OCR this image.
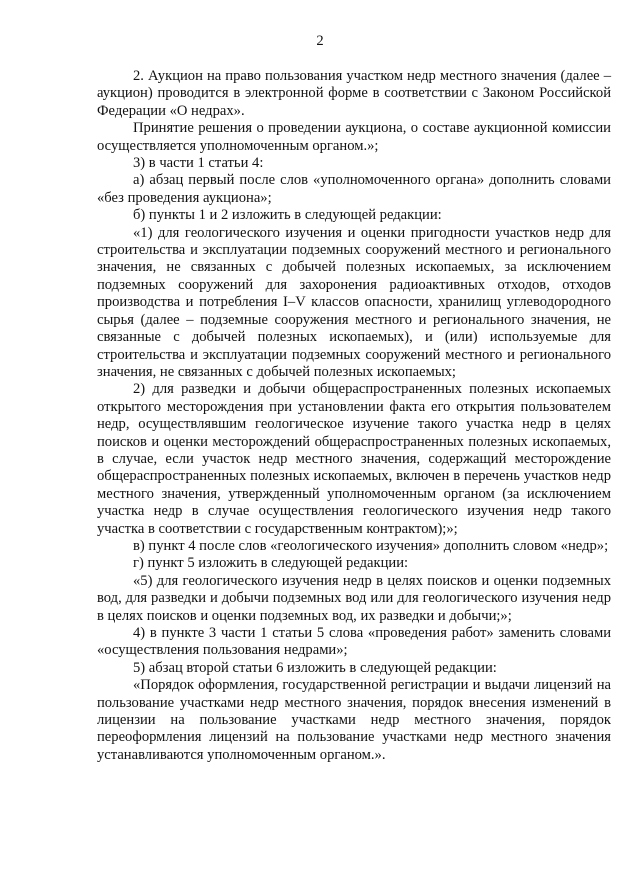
2

2. Аукцион на право пользования участком недр местного значения (далее – аукцион) проводится в электронной форме в соответствии с Законом Российской Федерации «О недрах».

Принятие решения о проведении аукциона, о составе аукционной комиссии осуществляется уполномоченным органом.»;

3) в части 1 статьи 4:

а) абзац первый после слов «уполномоченного органа» дополнить словами «без проведения аукциона»;

б) пункты 1 и 2 изложить в следующей редакции:

«1) для геологического изучения и оценки пригодности участков недр для строительства и эксплуатации подземных сооружений местного и регионального значения, не связанных с добычей полезных ископаемых, за исключением подземных сооружений для захоронения радиоактивных отходов, отходов производства и потребления I–V классов опасности, хранилищ углеводородного сырья (далее – подземные сооружения местного и регионального значения, не связанные с добычей полезных ископаемых), и (или) используемые для строительства и эксплуатации подземных сооружений местного и регионального значения, не связанных с добычей полезных ископаемых;

2) для разведки и добычи общераспространенных полезных ископаемых открытого месторождения при установлении факта его открытия пользователем недр, осуществлявшим геологическое изучение такого участка недр в целях поисков и оценки месторождений общераспространенных полезных ископаемых, в случае, если участок недр местного значения, содержащий месторождение общераспространенных полезных ископаемых, включен в перечень участков недр местного значения, утвержденный уполномоченным органом (за исключением участка недр в случае осуществления геологического изучения недр такого участка в соответствии с государственным контрактом);»;

в) пункт 4 после слов «геологического изучения» дополнить словом «недр»;

г) пункт 5 изложить в следующей редакции:

«5) для геологического изучения недр в целях поисков и оценки подземных вод, для разведки и добычи подземных вод или для геологического изучения недр в целях поисков и оценки подземных вод, их разведки и добычи;»;

4) в пункте 3 части 1 статьи 5 слова «проведения работ» заменить словами «осуществления пользования недрами»;

5) абзац второй статьи 6 изложить в следующей редакции:

«Порядок оформления, государственной регистрации и выдачи лицензий на пользование участками недр местного значения, порядок внесения изменений в лицензии на пользование участками недр местного значения, порядок переоформления лицензий на пользование участками недр местного значения устанавливаются уполномоченным органом.».
